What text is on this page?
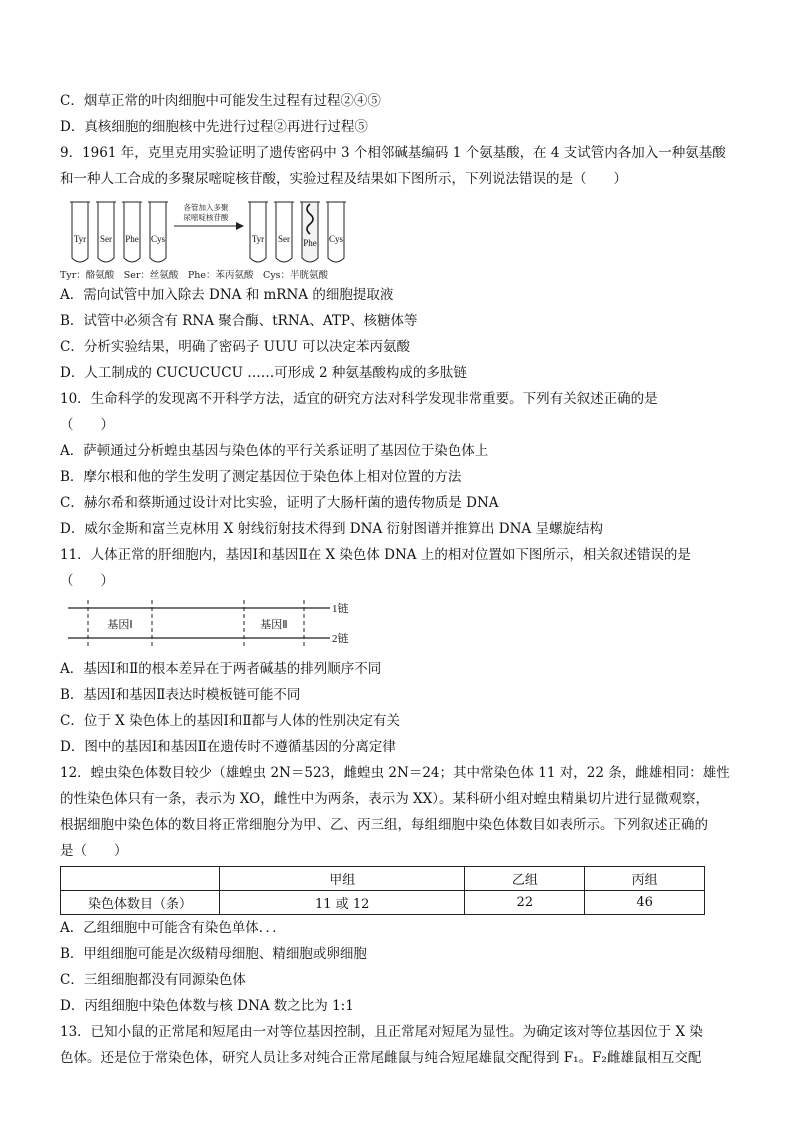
C．烟草正常的叶肉细胞中可能发生过程有过程②④⑤
D．真核细胞的细胞核中先进行过程②再进行过程⑤
9．1961 年，克里克用实验证明了遗传密码中 3 个相邻碱基编码 1 个氨基酸，在 4 支试管内各加入一种氨基酸
和一种人工合成的多聚尿嘧啶核苷酸，实验过程及结果如下图所示，下列说法错误的是（　　）
Tyr Ser Phe Cys
各管加入多聚
尿嘧啶核苷酸
Tyr Ser Phe Cys
Tyr：酪氨酸　Ser：丝氨酸　Phe：苯丙氨酸　Cys：半胱氨酸
A．需向试管中加入除去 DNA 和 mRNA 的细胞提取液
B．试管中必须含有 RNA 聚合酶、tRNA、ATP、核糖体等
C．分析实验结果，明确了密码子 UUU 可以决定苯丙氨酸
D．人工制成的 CUCUCUCU ……可形成 2 种氨基酸构成的多肽链
10．生命科学的发现离不开科学方法，适宜的研究方法对科学发现非常重要。下列有关叙述正确的是
（　　）
A．萨顿通过分析蝗虫基因与染色体的平行关系证明了基因位于染色体上
B．摩尔根和他的学生发明了测定基因位于染色体上相对位置的方法
C．赫尔希和蔡斯通过设计对比实验，证明了大肠杆菌的遗传物质是 DNA
D．威尔金斯和富兰克林用 X 射线衍射技术得到 DNA 衍射图谱并推算出 DNA 呈螺旋结构
11．人体正常的肝细胞内，基因Ⅰ和基因Ⅱ在 X 染色体 DNA 上的相对位置如下图所示，相关叙述错误的是
（　　）
基因Ⅰ	基因Ⅱ
1链
2链
A．基因Ⅰ和Ⅱ的根本差异在于两者碱基的排列顺序不同
B．基因Ⅰ和基因Ⅱ表达时模板链可能不同
C．位于 X 染色体上的基因Ⅰ和Ⅱ都与人体的性别决定有关
D．图中的基因Ⅰ和基因Ⅱ在遗传时不遵循基因的分离定律
12．蝗虫染色体数目较少（雄蝗虫 2N＝523，雌蝗虫 2N＝24；其中常染色体 11 对，22 条，雌雄相同：雄性
的性染色体只有一条，表示为 XO，雌性中为两条，表示为 XX）。某科研小组对蝗虫精巢切片进行显微观察，
根据细胞中染色体的数目将正常细胞分为甲、乙、丙三组，每组细胞中染色体数目如表所示。下列叙述正确的
是（　　）
	甲组	乙组	丙组
染色体数目（条）	11 或 12	22	46
A．乙组细胞中可能含有染色单体．．．
B．甲组细胞可能是次级精母细胞、精细胞或卵细胞
C．三组细胞都没有同源染色体
D．丙组细胞中染色体数与核 DNA 数之比为 1:1
13．已知小鼠的正常尾和短尾由一对等位基因控制，且正常尾对短尾为显性。为确定该对等位基因位于 X 染
色体。还是位于常染色体，研究人员让多对纯合正常尾雌鼠与纯合短尾雄鼠交配得到 F₁。F₂雌雄鼠相互交配
